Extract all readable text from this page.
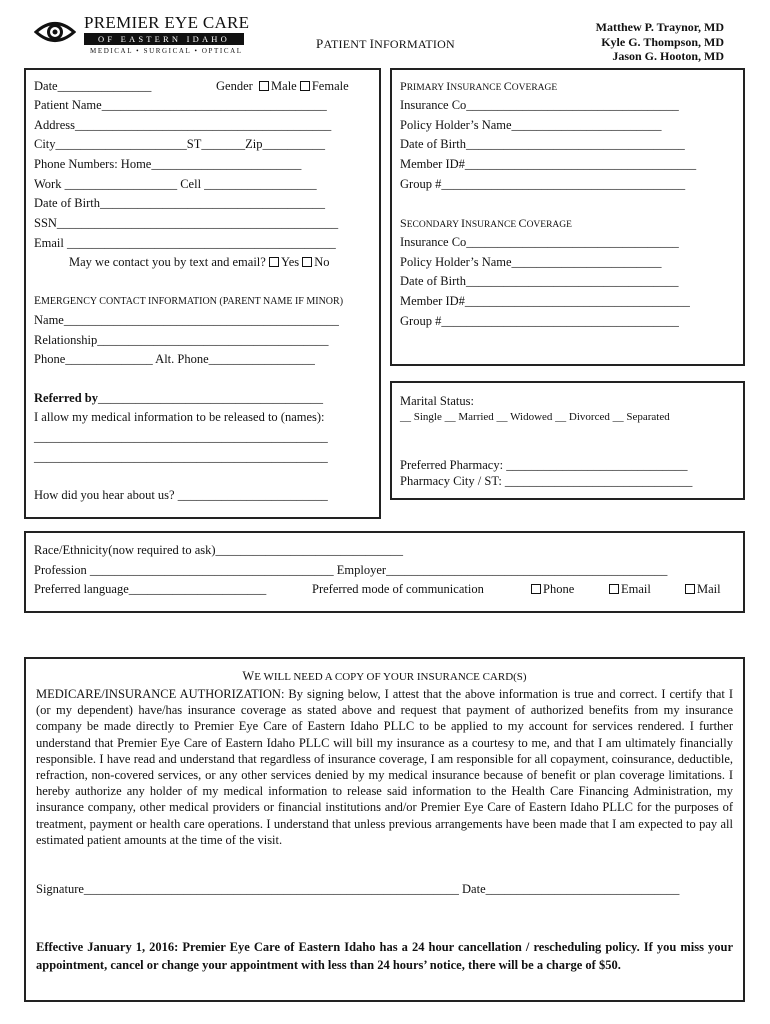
PREMIER EYE CARE
OF EASTERN IDAHO
MEDICAL • SURGICAL • OPTICAL	PATIENT INFORMATION
Matthew P. Traynor, MD
Kyle G. Thompson, MD
Jason G. Hooton, MD
Date_______________	Gender Male Female
Patient Name____________________________________
Address_________________________________________
City_____________________ST_______Zip__________
Phone Numbers: Home________________________
Work __________________ Cell __________________
Date of Birth____________________________________
SSN_____________________________________________
Email ___________________________________________
May we contact you by text and email? Yes No
EMERGENCY CONTACT INFORMATION (PARENT NAME IF MINOR)
Name____________________________________________
Relationship_____________________________________
Phone______________ Alt. Phone_________________
Referred by____________________________________
I allow my medical information to be released to (names):
_______________________________________________
_______________________________________________
How did you hear about us? ________________________
PRIMARY INSURANCE COVERAGE
Insurance Co__________________________________
Policy Holder’s Name________________________
Date of Birth___________________________________
Member ID#_____________________________________
Group #_______________________________________
SECONDARY INSURANCE COVERAGE
Insurance Co__________________________________
Policy Holder’s Name________________________
Date of Birth__________________________________
Member ID#____________________________________
Group #______________________________________
Marital Status:
__ Single __ Married __ Widowed __ Divorced __ Separated
Preferred Pharmacy: _____________________________
Pharmacy City / ST: ______________________________
Race/Ethnicity(now required to ask)______________________________
Profession _______________________________________ Employer_____________________________________________
Preferred language______________________	Preferred mode of communication	Phone	Email	Mail
WE WILL NEED A COPY OF YOUR INSURANCE CARD(S)
MEDICARE/INSURANCE AUTHORIZATION: By signing below, I attest that the above information is true and correct. I certify that I (or my dependent) have/has insurance coverage as stated above and request that payment of authorized benefits from my insurance company be made directly to Premier Eye Care of Eastern Idaho PLLC to be applied to my account for services rendered. I further understand that Premier Eye Care of Eastern Idaho PLLC will bill my insurance as a courtesy to me, and that I am ultimately financially responsible. I have read and understand that regardless of insurance coverage, I am responsible for all copayment, coinsurance, deductible, refraction, non-covered services, or any other services denied by my medical insurance because of benefit or plan coverage limitations. I hereby authorize any holder of my medical information to release said information to the Health Care Financing Administration, my insurance company, other medical providers or financial institutions and/or Premier Eye Care of Eastern Idaho PLLC for the purposes of treatment, payment or health care operations. I understand that unless previous arrangements have been made that I am expected to pay all estimated patient amounts at the time of the visit.
Signature____________________________________________________________ Date_______________________________
Effective January 1, 2016: Premier Eye Care of Eastern Idaho has a 24 hour cancellation / rescheduling policy. If you miss your appointment, cancel or change your appointment with less than 24 hours’ notice, there will be a charge of $50.
